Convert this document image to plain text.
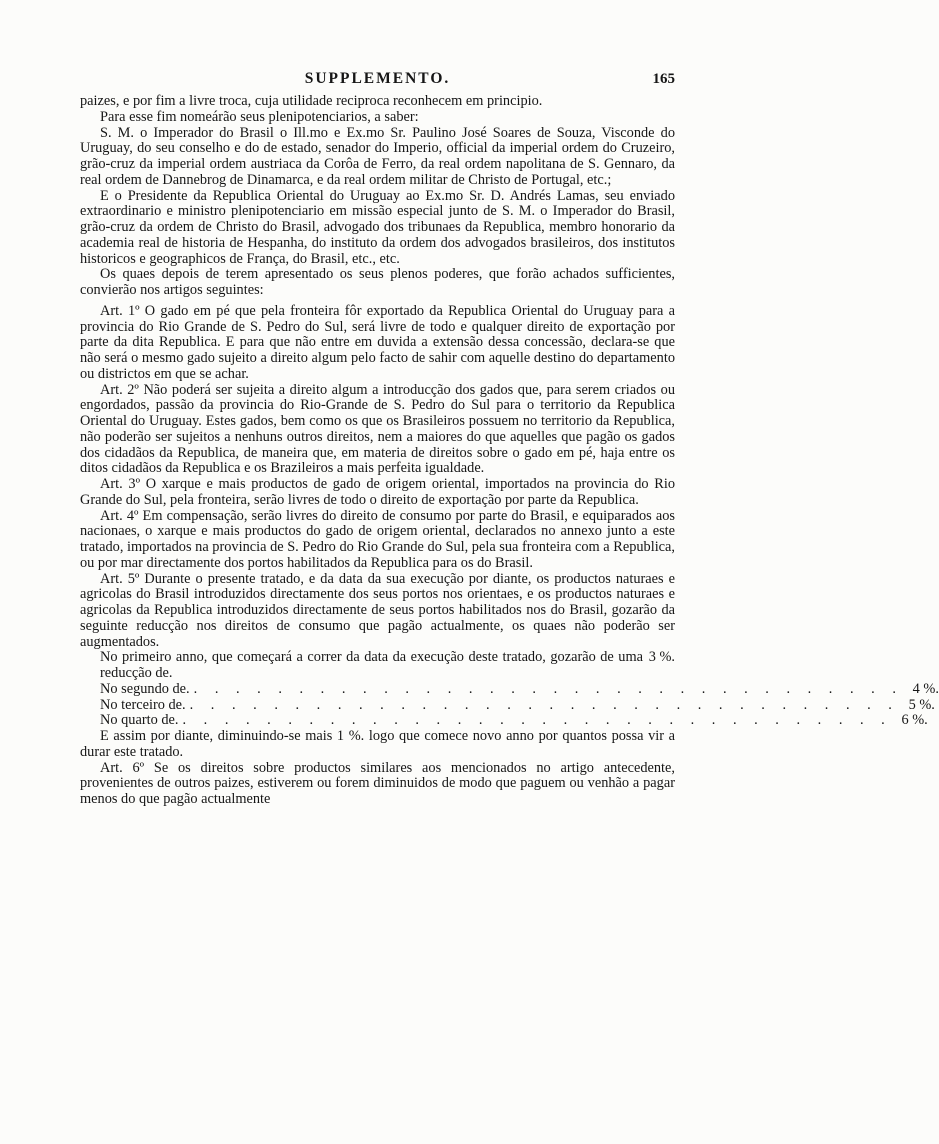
SUPPLEMENTO.	165

paizes, e por fim a livre troca, cuja utilidade reciproca reconhecem em principio.

Para esse fim nomeárão seus plenipotenciarios, a saber:

S. M. o Imperador do Brasil o Ill.mo e Ex.mo Sr. Paulino José Soares de Souza, Visconde do Uruguay, do seu conselho e do de estado, senador do Imperio, official da imperial ordem do Cruzeiro, grão-cruz da imperial ordem austriaca da Corôa de Ferro, da real ordem napolitana de S. Gennaro, da real ordem de Dannebrog de Dinamarca, e da real ordem militar de Christo de Portugal, etc.;

E o Presidente da Republica Oriental do Uruguay ao Ex.mo Sr. D. Andrés Lamas, seu enviado extraordinario e ministro plenipotenciario em missão especial junto de S. M. o Imperador do Brasil, grão-cruz da ordem de Christo do Brasil, advogado dos tribunaes da Republica, membro honorario da academia real de historia de Hespanha, do instituto da ordem dos advogados brasileiros, dos institutos historicos e geographicos de França, do Brasil, etc., etc.

Os quaes depois de terem apresentado os seus plenos poderes, que forão achados sufficientes, convierão nos artigos seguintes:

Art. 1º O gado em pé que pela fronteira fôr exportado da Republica Oriental do Uruguay para a provincia do Rio Grande de S. Pedro do Sul, será livre de todo e qualquer direito de exportação por parte da dita Republica. E para que não entre em duvida a extensão dessa concessão, declara-se que não será o mesmo gado sujeito a direito algum pelo facto de sahir com aquelle destino do departamento ou districtos em que se achar.

Art. 2º Não poderá ser sujeita a direito algum a introducção dos gados que, para serem criados ou engordados, passão da provincia do Rio-Grande de S. Pedro do Sul para o territorio da Republica Oriental do Uruguay. Estes gados, bem como os que os Brasileiros possuem no territorio da Republica, não poderão ser sujeitos a nenhuns outros direitos, nem a maiores do que aquelles que pagão os gados dos cidadãos da Republica, de maneira que, em materia de direitos sobre o gado em pé, haja entre os ditos cidadãos da Republica e os Brazileiros a mais perfeita igualdade.

Art. 3º O xarque e mais productos de gado de origem oriental, importados na provincia do Rio Grande do Sul, pela fronteira, serão livres de todo o direito de exportação por parte da Republica.

Art. 4º Em compensação, serão livres do direito de consumo por parte do Brasil, e equiparados aos nacionaes, o xarque e mais productos do gado de origem oriental, declarados no annexo junto a este tratado, importados na provincia de S. Pedro do Rio Grande do Sul, pela sua fronteira com a Republica, ou por mar directamente dos portos habilitados da Republica para os do Brasil.

Art. 5º Durante o presente tratado, e da data da sua execução por diante, os productos naturaes e agricolas do Brasil introduzidos directamente dos seus portos nos orientaes, e os productos naturaes e agricolas da Republica introduzidos directamente de seus portos habilitados nos do Brasil, gozarão da seguinte reducção nos direitos de consumo que pagão actualmente, os quaes não poderão ser augmentados.

No primeiro anno, que começará a correr da data da execução deste tratado, gozarão de uma reducção de.
3 %.
No segundo de. . . . . . . . . . . . . . . . . . . . . . . . . . . . . . . . . . . 4 %.
No terceiro de. . . . . . . . . . . . . . . . . . . . . . . . . . . . . . . . . . . 5 %.
No quarto de. . . . . . . . . . . . . . . . . . . . . . . . . . . . . . . . . . . 6 %.

E assim por diante, diminuindo-se mais 1 %. logo que comece novo anno por quantos possa vir a durar este tratado.

Art. 6º Se os direitos sobre productos similares aos mencionados no artigo antecedente, provenientes de outros paizes, estiverem ou forem diminuidos de modo que paguem ou venhão a pagar menos do que pagão actualmente
